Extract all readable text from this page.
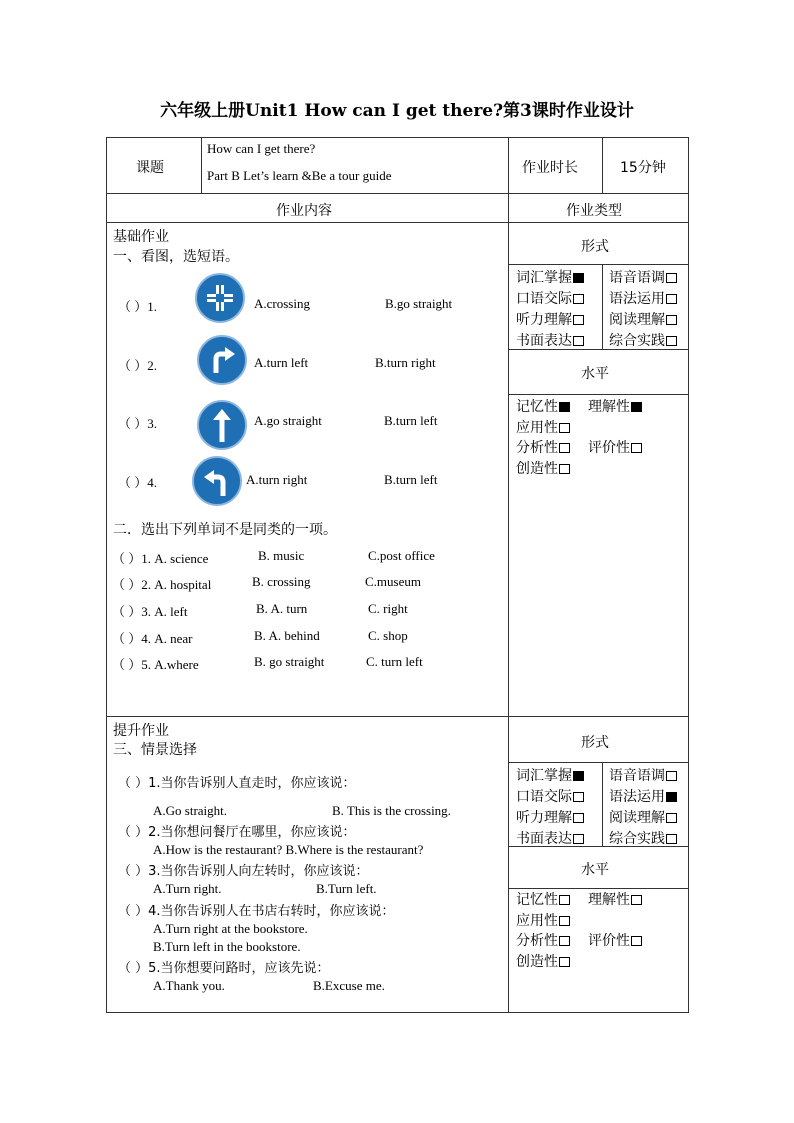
六年级上册Unit1 How can I get there?第3课时作业设计
课题
How can I get there?
Part B Let’s learn &Be a tour guide	作业时长	15分钟
作业内容	作业类型
基础作业
一、看图，选短语。
（ ）1.	A.crossing	B.go straight
（ ）2.	A.turn left	B.turn right
（ ）3.	A.go straight	B.turn left
（ ）4.	A.turn right	B.turn left
二．选出下列单词不是同类的一项。
（ ）1. A. science	B. music	C.post office
（ ）2. A. hospital	B. crossing	C.museum
（ ）3. A. left	B. A. turn	C. right
（ ）4. A. near	B. A. behind	C. shop
（ ）5. A.where	B. go straight	C. turn left
提升作业
三、情景选择
（ ）1.当你告诉别人直走时，你应该说：
A.Go straight.	B. This is the crossing.
（ ）2.当你想问餐厅在哪里，你应该说：
A.How is the restaurant? B.Where is the restaurant?
（ ）3.当你告诉别人向左转时，你应该说：
A.Turn right.	B.Turn left.
（ ）4.当你告诉别人在书店右转时，你应该说：
A.Turn right at the bookstore.
B.Turn left in the bookstore.
（ ）5.当你想要问路时，应该先说：
A.Thank you.	B.Excuse me.
形式
词汇掌握	语音语调
口语交际	语法运用
听力理解	阅读理解
书面表达	综合实践
水平
记忆性	理解性
应用性
分析性	评价性
创造性
形式
词汇掌握	语音语调
口语交际	语法运用
听力理解	阅读理解
书面表达	综合实践
水平
记忆性	理解性
应用性
分析性	评价性
创造性
